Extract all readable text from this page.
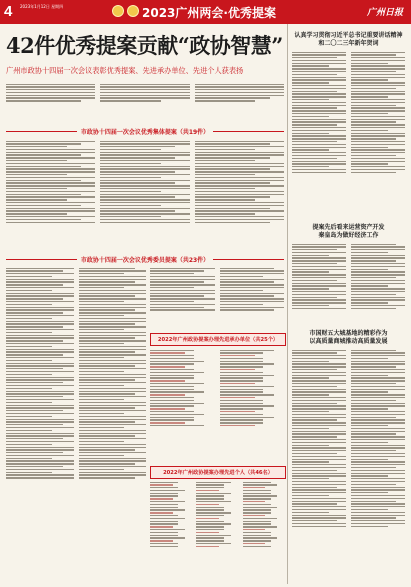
4 2023年1月12日 星期四	2023广州两会·优秀提案	广州日报
42件优秀提案贡献“政协智慧”
广州市政协十四届一次会议表彰优秀提案、先进承办单位、先进个人获表扬
市政协十四届一次会议优秀集体提案（共19件）
2022年广州政协提案办理先进承办单位（共25个）
市政协十四届一次会议优秀委员提案（共23件）
2022年广州政协提案办理先进个人（共46名）
认真学习贯彻习近平总书记重要讲话精神
和二〇二三年新年贺词
提案先后看来运营资产开发
秦皇岛为做好经济工作
市国财五大城基地的精彩作为
以高质量商城推动高质量发展
